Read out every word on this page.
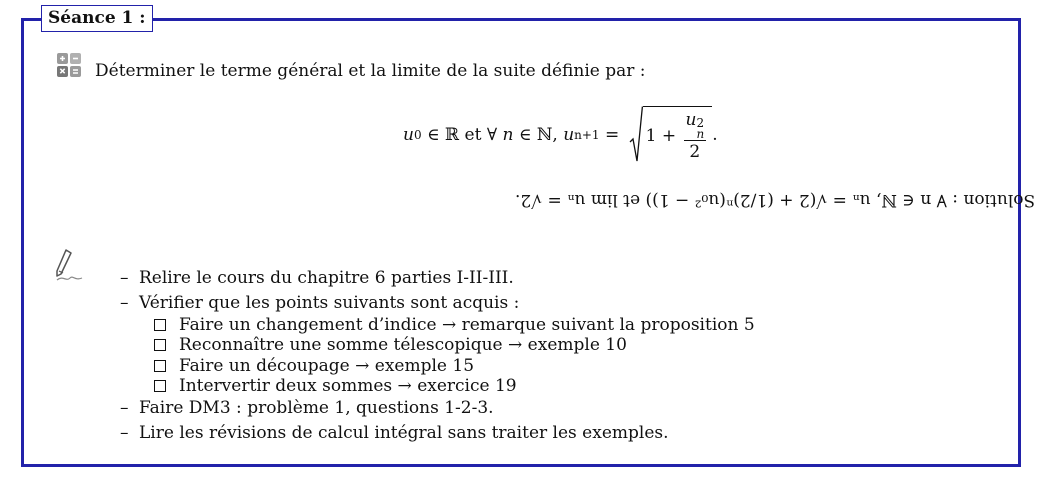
Séance 1 :
Déterminer le terme général et la limite de la suite définie par :
u 0 ∈ ℝ et ∀ n ∈ ℕ, u n+1 = 1 + u 2
n
2 .
Solution : ∀ n ∈ ℕ, uₙ = √(2 + (1/2)ⁿ(u₀² − 1)) et lim uₙ = √2.
– Relire le cours du chapitre 6 parties I-II-III.
– Vérifier que les points suivants sont acquis :
Faire un changement d’indice → remarque suivant la proposition 5
Reconnaître une somme télescopique → exemple 10
Faire un découpage → exemple 15
Intervertir deux sommes → exercice 19
– Faire DM3 : problème 1, questions 1-2-3.
– Lire les révisions de calcul intégral sans traiter les exemples.
